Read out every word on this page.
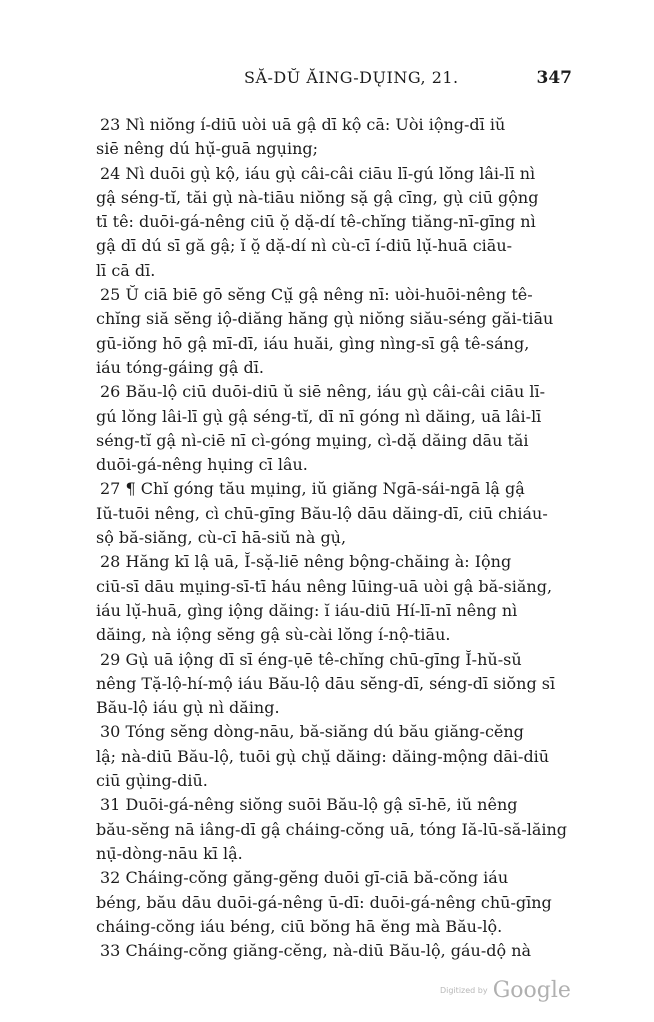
SĂ-DŬ ĂING-DŲING, 21.	347
23 Nì niŏng í-diū uòi uā gậ dī kộ cā: Uòi iộng-dī iŭ
siē nêng dú hụ̆-guā ngụing;
24 Nì duōi gụ̀ kộ, iáu gụ̀ câi-câi ciāu lī-gú lŏng lâi-lī nì
gậ séng-tĭ, tăi gụ̀ nà-tiāu niŏng sặ gậ cīng, gụ̀ ciū gộng
tī tê: duōi-gá-nêng ciū ŏ̤ dặ-dí tê-chĭng tiăng-nī-gīng nì
gậ dī dú sī gă gậ; ĭ ŏ̤ dặ-dí nì cù-cī í-diū lụ̆-huā ciāu-
lī cā dī.
25 Ŭ ciā biē gō sĕng Cṳ̆ gậ nêng nī: uòi-huōi-nêng tê-
chĭng siă sĕng iộ-diăng hăng gụ̀ niŏng siău-séng găi-tiāu
gū-iŏng hō gậ mī-dī, iáu huăi, gìng nìng-sī gậ tê-sáng,
iáu tóng-gáing gậ dī.
26 Bău-lộ ciū duōi-diū ŭ siē nêng, iáu gụ̀ câi-câi ciāu lī-
gú lŏng lâi-lī gụ̀ gậ séng-tĭ, dī nī góng nì dăing, uā lâi-lī
séng-tĭ gậ nì-ciē nī cì-góng mṳing, cì-dặ dăing dāu tăi
duōi-gá-nêng hụing cī lâu.
27 ¶ Chĭ góng tău mṳing, iŭ giăng Ngā-sái-ngā lậ gậ
Iŭ-tuōi nêng, cì chū-gīng Bău-lộ dāu dăing-dī, ciū chiáu-
sộ bă-siăng, cù-cī hā-siŭ nà gụ̀,
28 Hăng kī lậ uā, Ĭ-sặ-liē nêng bộng-chăing à: Iộng
ciū-sī dāu mṳing-sī-tī háu nêng lūing-uā uòi gậ bă-siăng,
iáu lụ̆-huā, gìng iộng dăing: ĭ iáu-diū Hí-lī-nī nêng nì
dăing, nà iộng sĕng gậ sù-cài lŏng í-nộ-tiāu.
29 Gụ̀ uā iộng dī sī éng-ụē tê-chĭng chū-gīng Ĭ-hŭ-sŭ
nêng Tặ-lộ-hí-mộ iáu Bău-lộ dāu sĕng-dī, séng-dī siŏng sī
Bău-lộ iáu gụ̀ nì dăing.
30 Tóng sĕng dòng-nāu, bă-siăng dú bău giăng-cĕng
lậ; nà-diū Bău-lộ, tuōi gụ̀ chṳ̆ dăing: dăing-mộng dāi-diū
ciū gụ̀ing-diū.
31 Duōi-gá-nêng siŏng suōi Bău-lộ gậ sī-hē, iŭ nêng
bău-sĕng nā iâng-dī gậ cháing-cŏng uā, tóng Iă-lū-să-lăing
nụ̄-dòng-nāu kī lậ.
32 Cháing-cŏng găng-gĕng duōi gī-ciā bă-cŏng iáu
béng, bău dāu duōi-gá-nêng ū-dī: duōi-gá-nêng chū-gīng
cháing-cŏng iáu béng, ciū bŏng hā ĕng mà Bău-lộ.
33 Cháing-cŏng giăng-cĕng, nà-diū Bău-lộ, gáu-dộ nà
Digitized by Google
